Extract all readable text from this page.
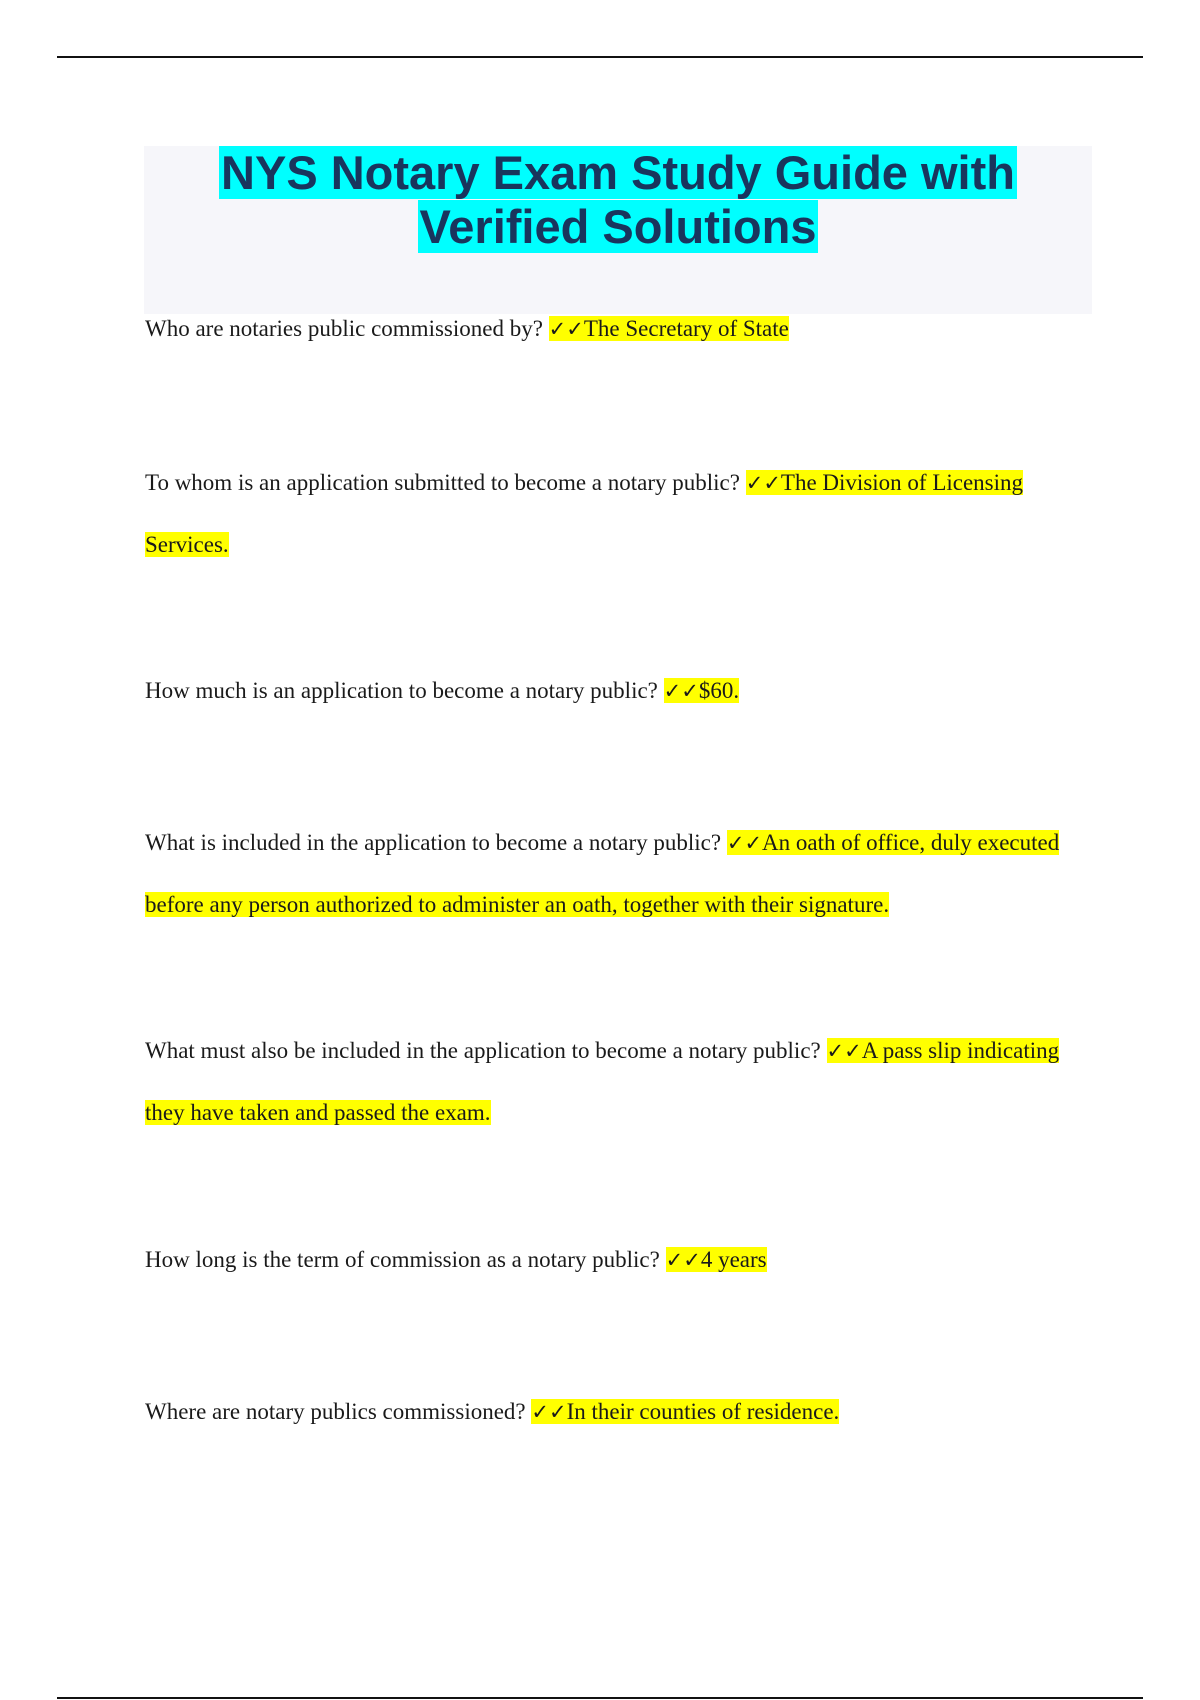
NYS Notary Exam Study Guide with
Verified Solutions

Who are notaries public commissioned by? ✓✓The Secretary of State

To whom is an application submitted to become a notary public? ✓✓The Division of Licensing Services.

How much is an application to become a notary public? ✓✓$60.

What is included in the application to become a notary public? ✓✓An oath of office, duly executed before any person authorized to administer an oath, together with their signature.

What must also be included in the application to become a notary public? ✓✓A pass slip indicating they have taken and passed the exam.

How long is the term of commission as a notary public? ✓✓4 years

Where are notary publics commissioned? ✓✓In their counties of residence.
